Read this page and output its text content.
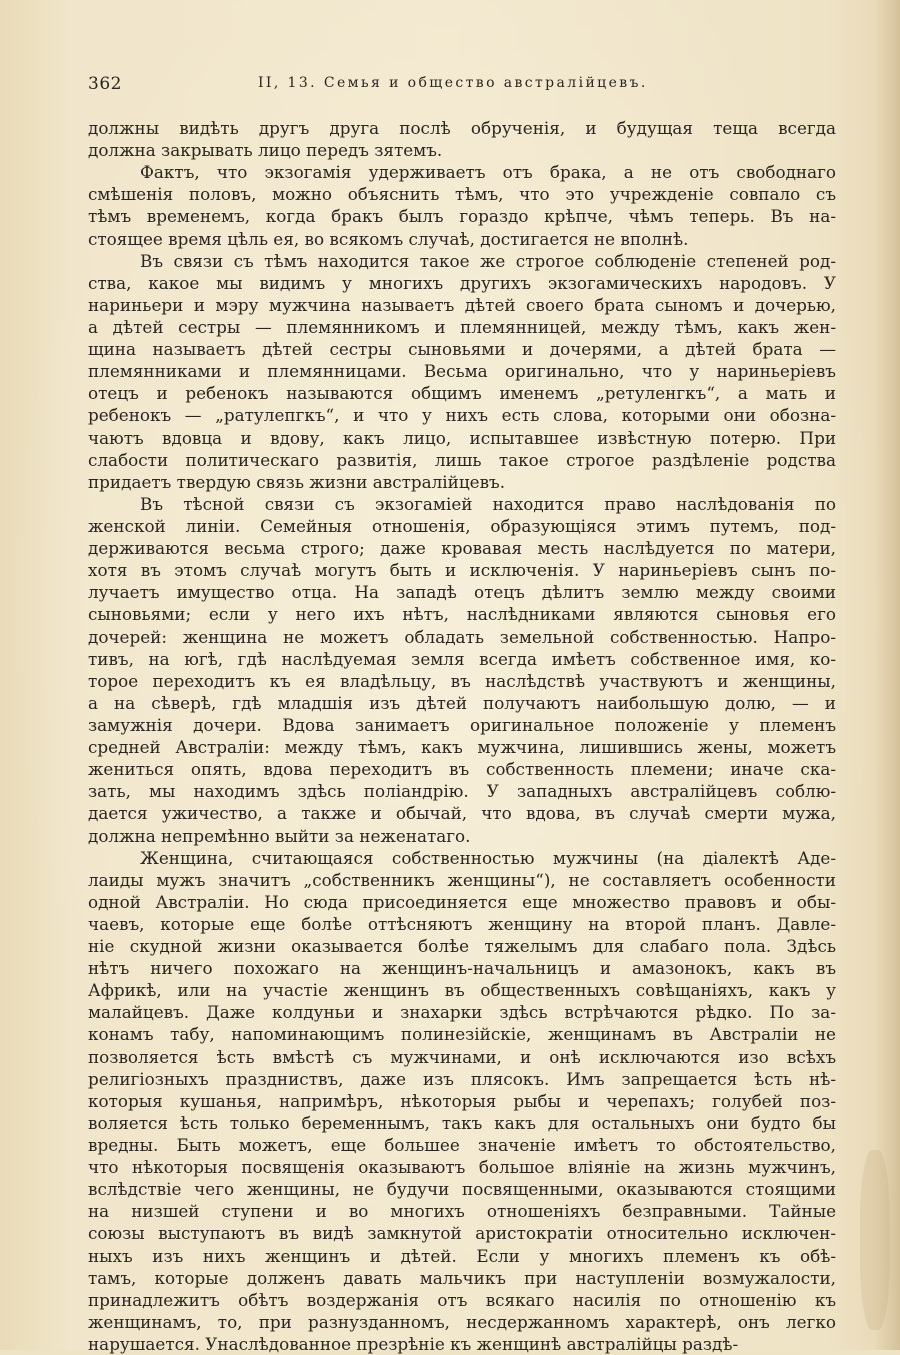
362	II, 13. Семья и общество австралійцевъ.
должны видѣть другъ друга послѣ обрученія, и будущая теща всегда
должна закрывать лицо передъ зятемъ.
Фактъ, что экзогамія удерживаетъ отъ брака, а не отъ свободнаго
смѣшенія половъ, можно объяснить тѣмъ, что это учрежденіе совпало съ
тѣмъ временемъ, когда бракъ былъ гораздо крѣпче, чѣмъ теперь. Въ на-
стоящее время цѣль ея, во всякомъ случаѣ, достигается не вполнѣ.
Въ связи съ тѣмъ находится такое же строгое соблюденіе степеней род-
ства, какое мы видимъ у многихъ другихъ экзогамическихъ народовъ. У
нариньери и мэру мужчина называетъ дѣтей своего брата сыномъ и дочерью,
а дѣтей сестры — племянникомъ и племянницей, между тѣмъ, какъ жен-
щина называетъ дѣтей сестры сыновьями и дочерями, а дѣтей брата —
племянниками и племянницами. Весьма оригинально, что у нариньеріевъ
отецъ и ребенокъ называются общимъ именемъ „ретуленгкъ“, а мать и
ребенокъ — „ратулепгкъ“, и что у нихъ есть слова, которыми они обозна-
чаютъ вдовца и вдову, какъ лицо, испытавшее извѣстную потерю. При
слабости политическаго развитія, лишь такое строгое раздѣленіе родства
придаетъ твердую связь жизни австралійцевъ.
Въ тѣсной связи съ экзогаміей находится право наслѣдованія по
женской линіи. Семейныя отношенія, образующіяся этимъ путемъ, под-
держиваются весьма строго; даже кровавая месть наслѣдуется по матери,
хотя въ этомъ случаѣ могутъ быть и исключенія. У нариньеріевъ сынъ по-
лучаетъ имущество отца. На западѣ отецъ дѣлитъ землю между своими
сыновьями; если у него ихъ нѣтъ, наслѣдниками являются сыновья его
дочерей: женщина не можетъ обладать земельной собственностью. Напро-
тивъ, на югѣ, гдѣ наслѣдуемая земля всегда имѣетъ собственное имя, ко-
торое переходитъ къ ея владѣльцу, въ наслѣдствѣ участвуютъ и женщины,
а на сѣверѣ, гдѣ младшія изъ дѣтей получаютъ наибольшую долю, — и
замужнія дочери. Вдова занимаетъ оригинальное положеніе у племенъ
средней Австраліи: между тѣмъ, какъ мужчина, лишившись жены, можетъ
жениться опять, вдова переходитъ въ собственность племени; иначе ска-
зать, мы находимъ здѣсь поліандрію. У западныхъ австралійцевъ соблю-
дается ужичество, а также и обычай, что вдова, въ случаѣ смерти мужа,
должна непремѣнно выйти за неженатаго.
Женщина, считающаяся собственностью мужчины (на діалектѣ Аде-
лаиды мужъ значитъ „собственникъ женщины“), не составляетъ особенности
одной Австраліи. Но сюда присоединяется еще множество правовъ и обы-
чаевъ, которые еще болѣе оттѣсняютъ женщину на второй планъ. Давле-
ніе скудной жизни оказывается болѣе тяжелымъ для слабаго пола. Здѣсь
нѣтъ ничего похожаго на женщинъ-начальницъ и амазонокъ, какъ въ
Африкѣ, или на участіе женщинъ въ общественныхъ совѣщаніяхъ, какъ у
малайцевъ. Даже колдуньи и знахарки здѣсь встрѣчаются рѣдко. По за-
конамъ табу, напоминающимъ полинезійскіе, женщинамъ въ Австраліи не
позволяется ѣсть вмѣстѣ съ мужчинами, и онѣ исключаются изо всѣхъ
религіозныхъ праздниствъ, даже изъ плясокъ. Имъ запрещается ѣсть нѣ-
которыя кушанья, напримѣръ, нѣкоторыя рыбы и черепахъ; голубей поз-
воляется ѣсть только беременнымъ, такъ какъ для остальныхъ они будто бы
вредны. Быть можетъ, еще большее значеніе имѣетъ то обстоятельство,
что нѣкоторыя посвященія оказываютъ большое вліяніе на жизнь мужчинъ,
вслѣдствіе чего женщины, не будучи посвященными, оказываются стоящими
на низшей ступени и во многихъ отношеніяхъ безправными. Тайные
союзы выступаютъ въ видѣ замкнутой аристократіи относительно исключен-
ныхъ изъ нихъ женщинъ и дѣтей. Если у многихъ племенъ къ обѣ-
тамъ, которые долженъ давать мальчикъ при наступленіи возмужалости,
принадлежитъ обѣтъ воздержанія отъ всякаго насилія по отношенію къ
женщинамъ, то, при разнузданномъ, несдержанномъ характерѣ, онъ легко
нарушается. Унаслѣдованное презрѣніе къ женщинѣ австралійцы раздѣ-
